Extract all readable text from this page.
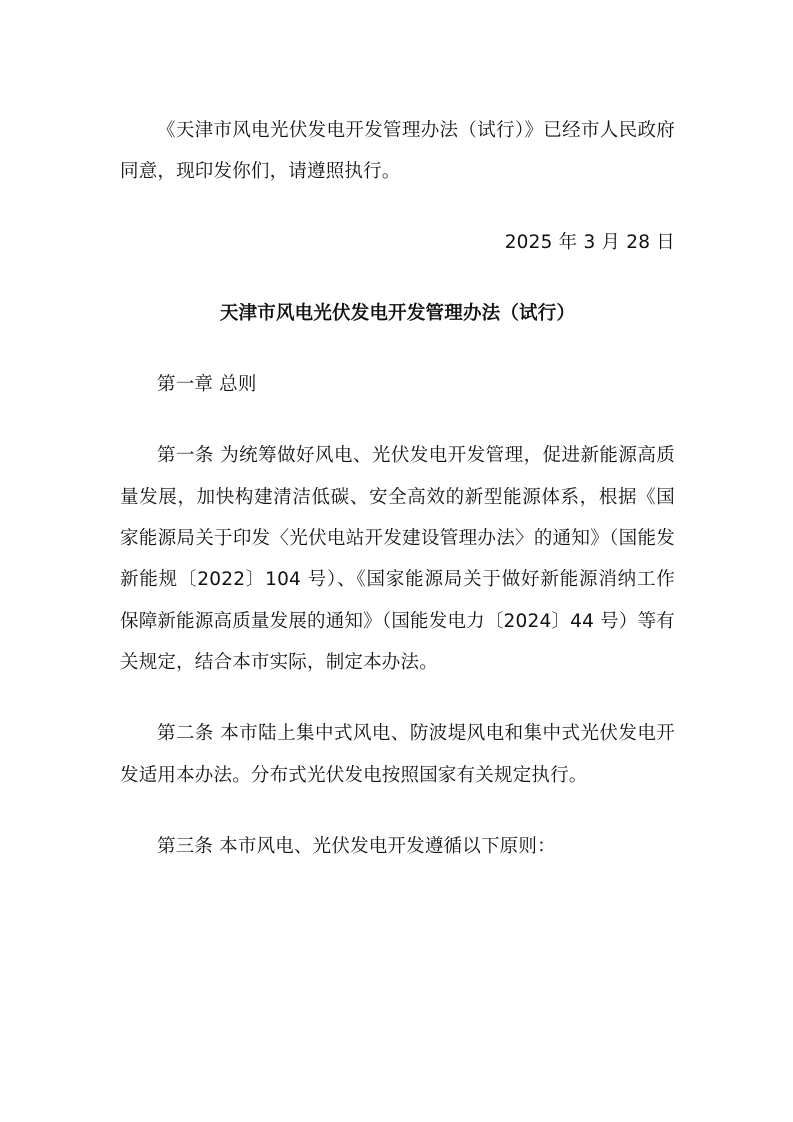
《天津市风电光伏发电开发管理办法（试行）》已经市人民政府同意，现印发你们，请遵照执行。

2025 年 3 月 28 日

天津市风电光伏发电开发管理办法（试行）

第一章 总则

第一条 为统筹做好风电、光伏发电开发管理，促进新能源高质量发展，加快构建清洁低碳、安全高效的新型能源体系，根据《国家能源局关于印发〈光伏电站开发建设管理办法〉的通知》（国能发新能规〔2022〕104 号）、《国家能源局关于做好新能源消纳工作保障新能源高质量发展的通知》（国能发电力〔2024〕44 号）等有关规定，结合本市实际，制定本办法。

第二条 本市陆上集中式风电、防波堤风电和集中式光伏发电开发适用本办法。分布式光伏发电按照国家有关规定执行。

第三条 本市风电、光伏发电开发遵循以下原则：
